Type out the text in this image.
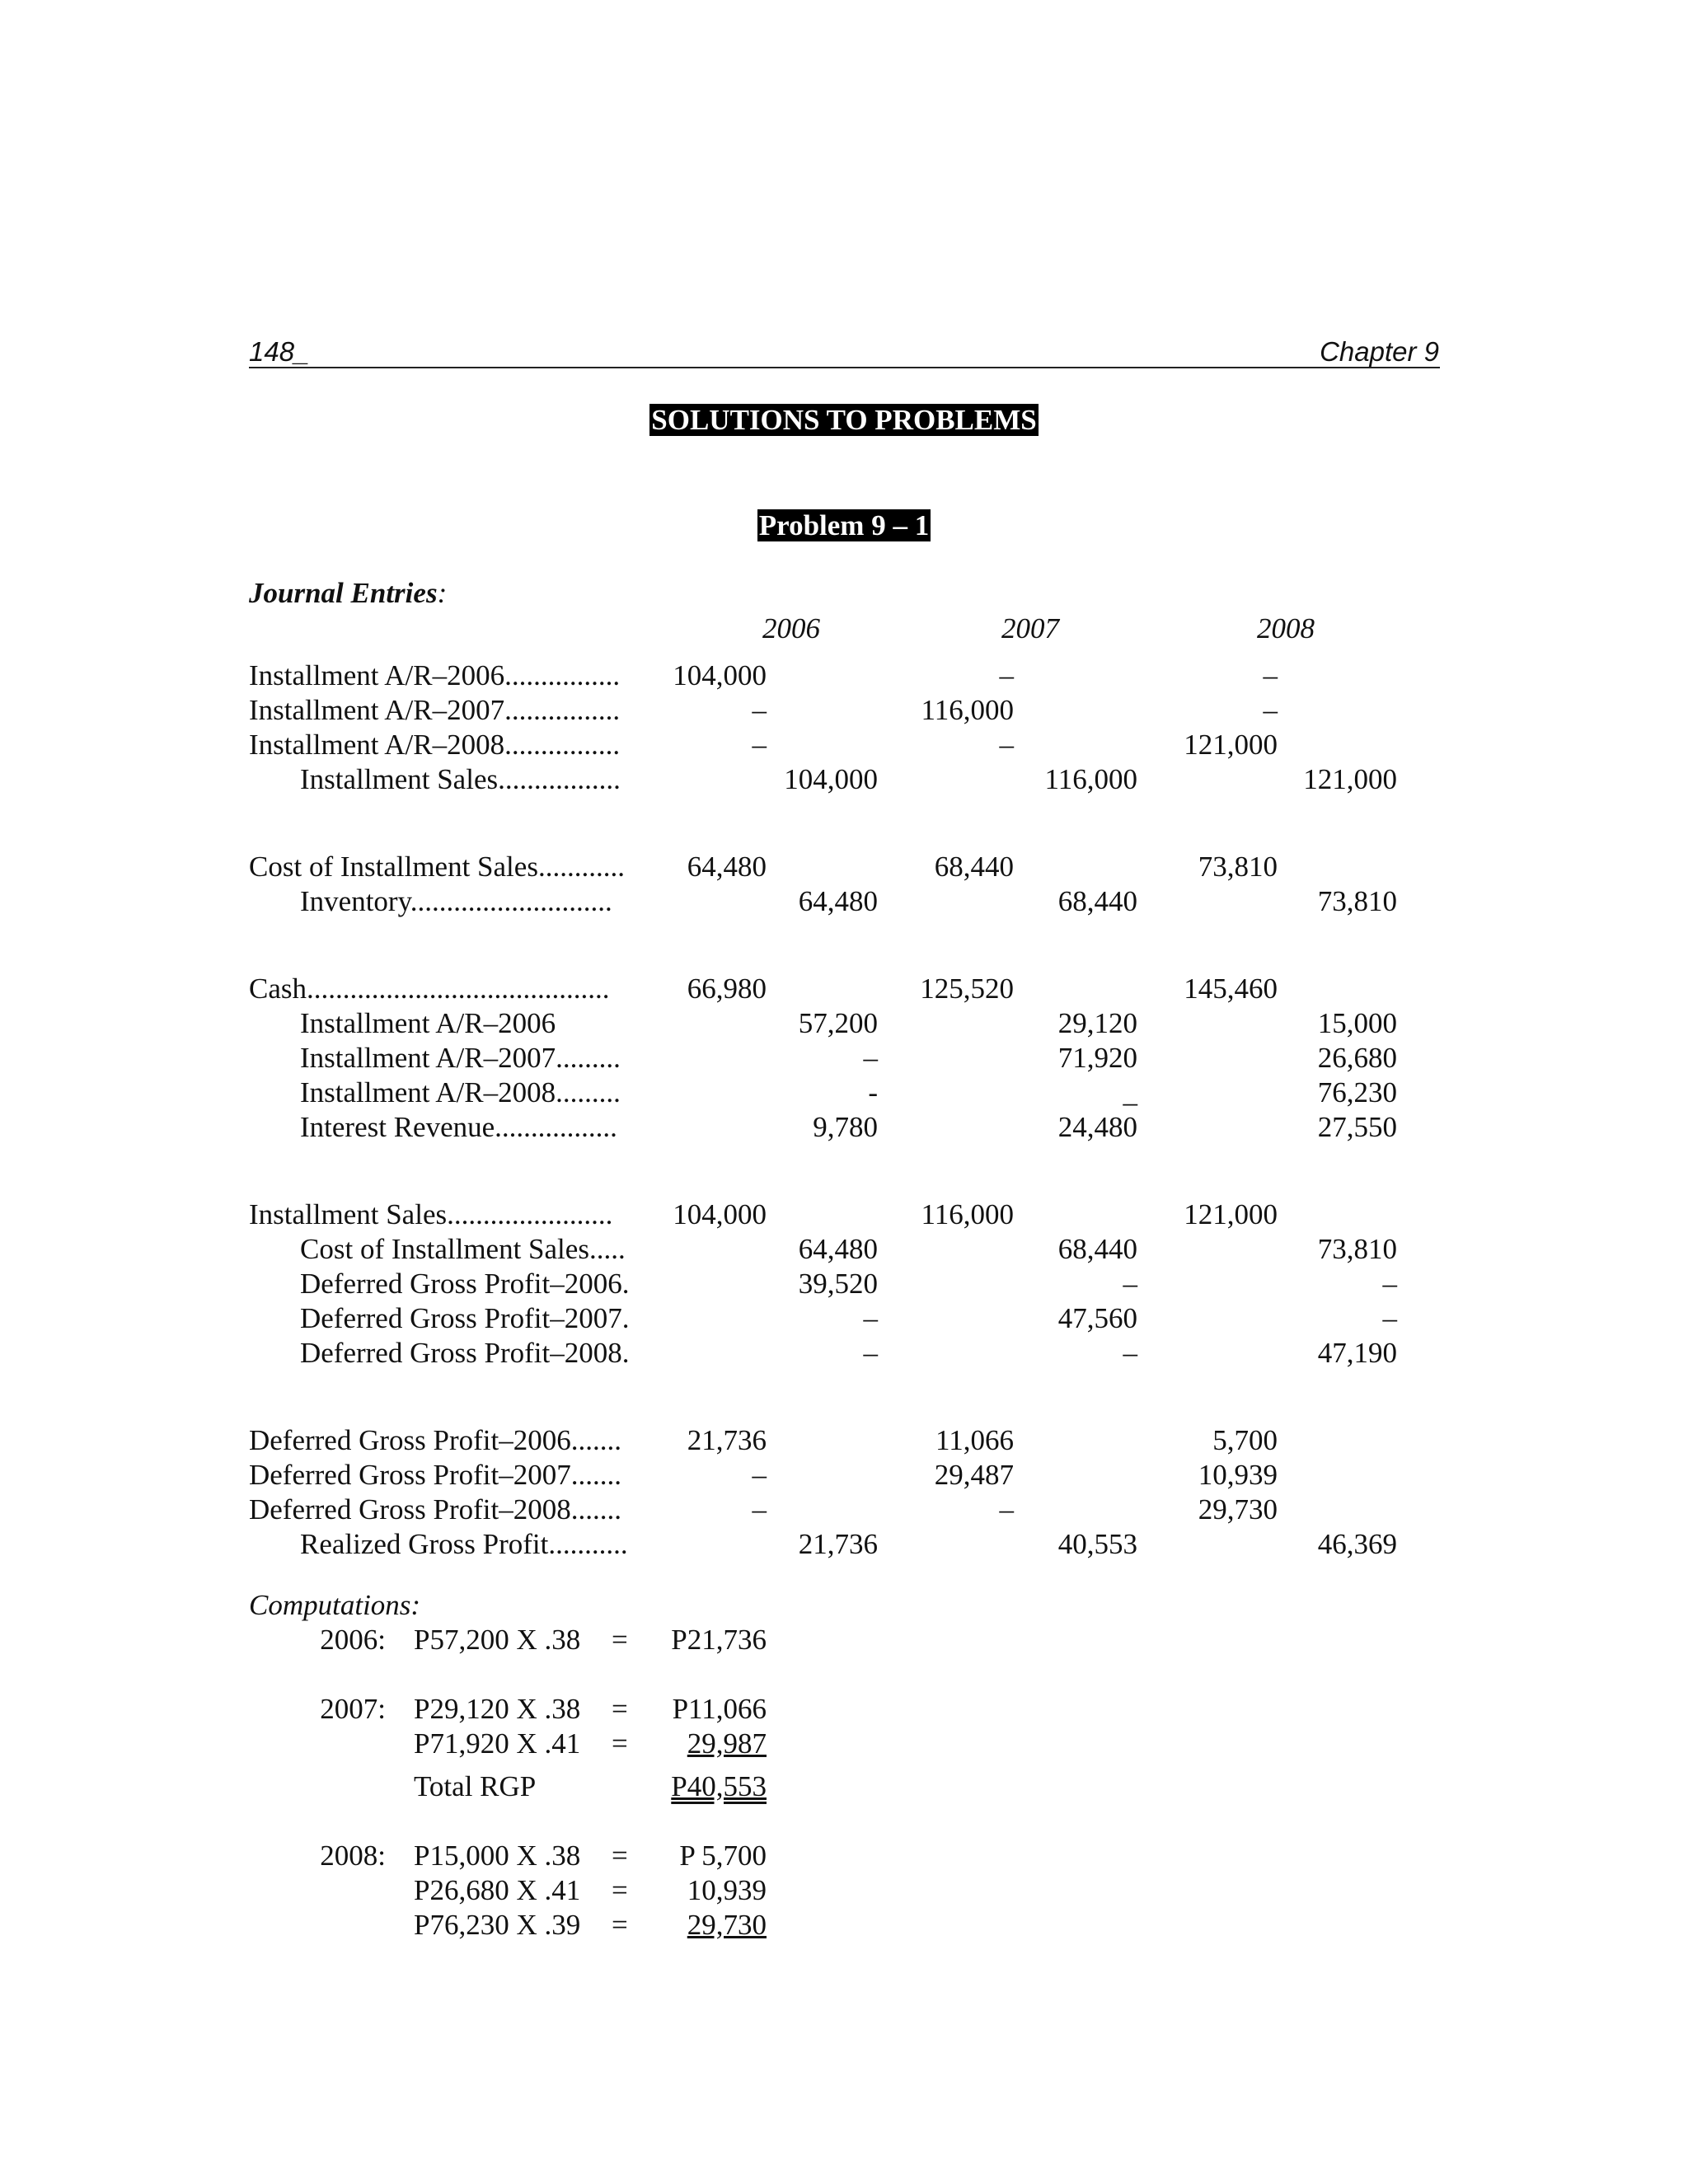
148_	Chapter 9
SOLUTIONS TO PROBLEMS
Problem 9 – 1
Journal Entries:
2006	2007	2008
Installment A/R–2006................	104,000	–	–
Installment A/R–2007................	–	116,000	–
Installment A/R–2008................	–	–	121,000
Installment Sales.................	104,000	116,000	121,000
Cost of Installment Sales............	64,480	68,440	73,810
Inventory............................	64,480	68,440	73,810
Cash..........................................	66,980	125,520	145,460
Installment A/R–2006	57,200	29,120	15,000
Installment A/R–2007.........	–	71,920	26,680
Installment A/R–2008.........	-	_	76,230
Interest Revenue.................	9,780	24,480	27,550
Installment Sales.......................	104,000	116,000	121,000
Cost of Installment Sales.....	64,480	68,440	73,810
Deferred Gross Profit–2006.	39,520	–	–
Deferred Gross Profit–2007.	–	47,560	–
Deferred Gross Profit–2008.	–	–	47,190
Deferred Gross Profit–2006.......	21,736	11,066	5,700
Deferred Gross Profit–2007.......	–	29,487	10,939
Deferred Gross Profit–2008.......	–	–	29,730
Realized Gross Profit...........	21,736	40,553	46,369
Computations:
2006: P57,200 X .38 =	P21,736
2007: P29,120 X .38 =	P11,066
P71,920 X .41 =	29,987
Total RGP	P40,553
2008: P15,000 X .38 =	P 5,700
P26,680 X .41 =	10,939
P76,230 X .39 =	29,730
